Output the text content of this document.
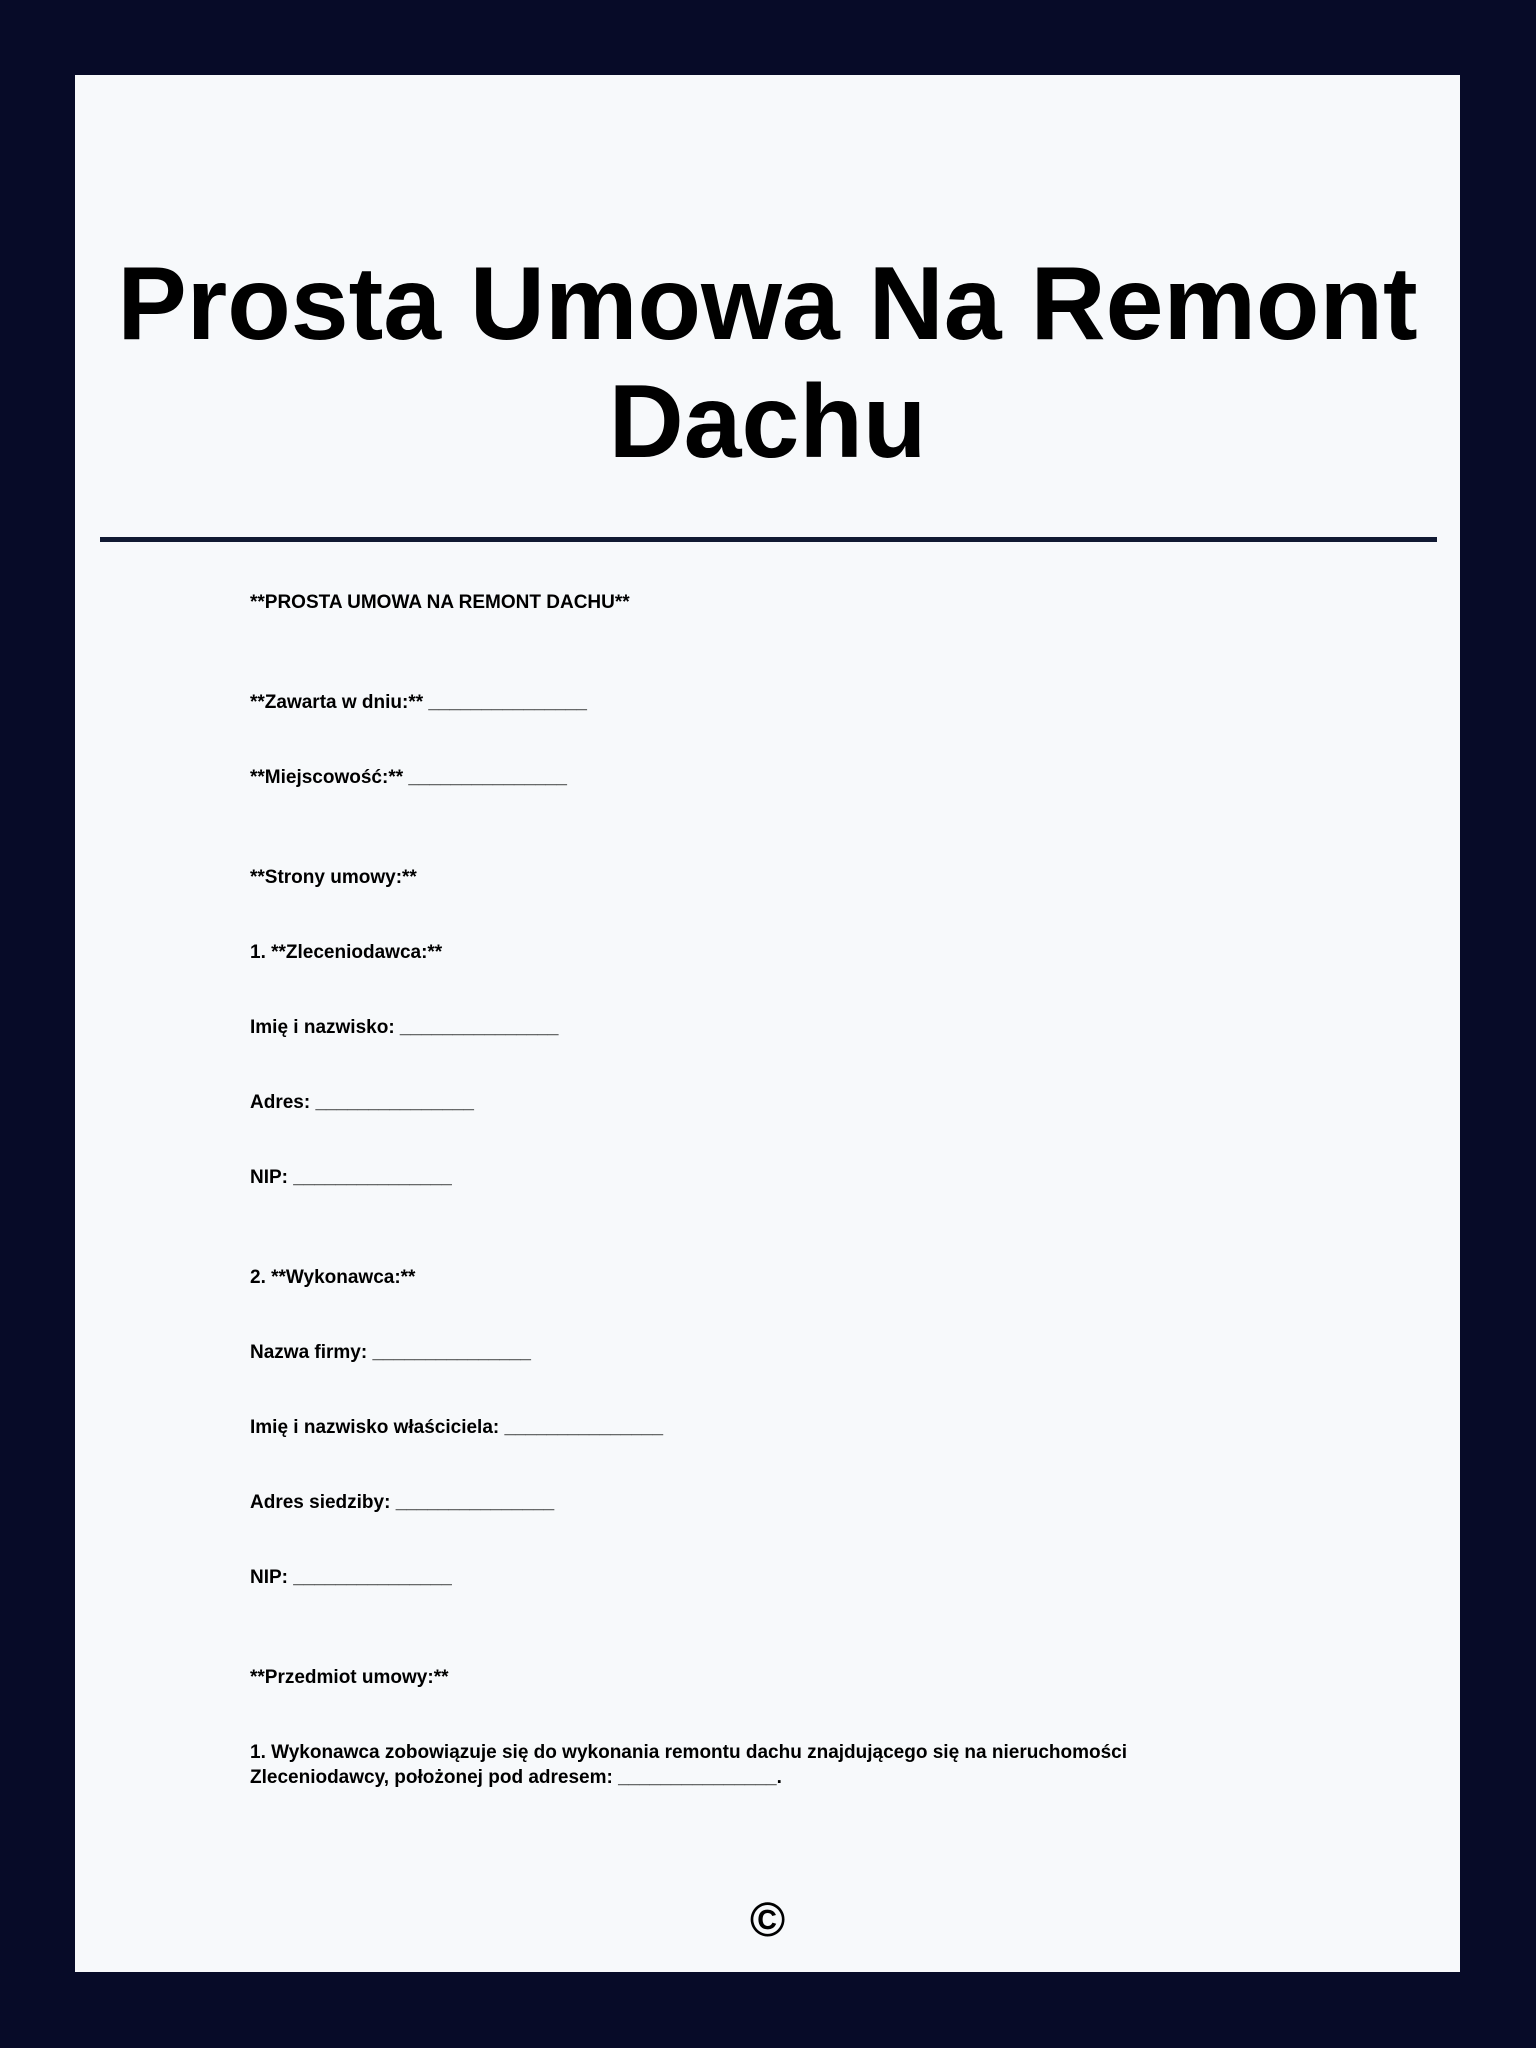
Prosta Umowa Na Remont Dachu

**PROSTA UMOWA NA REMONT DACHU**

**Zawarta w dniu:** _______________

**Miejscowość:** _______________

**Strony umowy:**

1. **Zleceniodawca:**

Imię i nazwisko: _______________

Adres: _______________

NIP: _______________

2. **Wykonawca:**

Nazwa firmy: _______________

Imię i nazwisko właściciela: _______________

Adres siedziby: _______________

NIP: _______________

**Przedmiot umowy:**

1. Wykonawca zobowiązuje się do wykonania remontu dachu znajdującego się na nieruchomości Zleceniodawcy, położonej pod adresem: _______________.

©
